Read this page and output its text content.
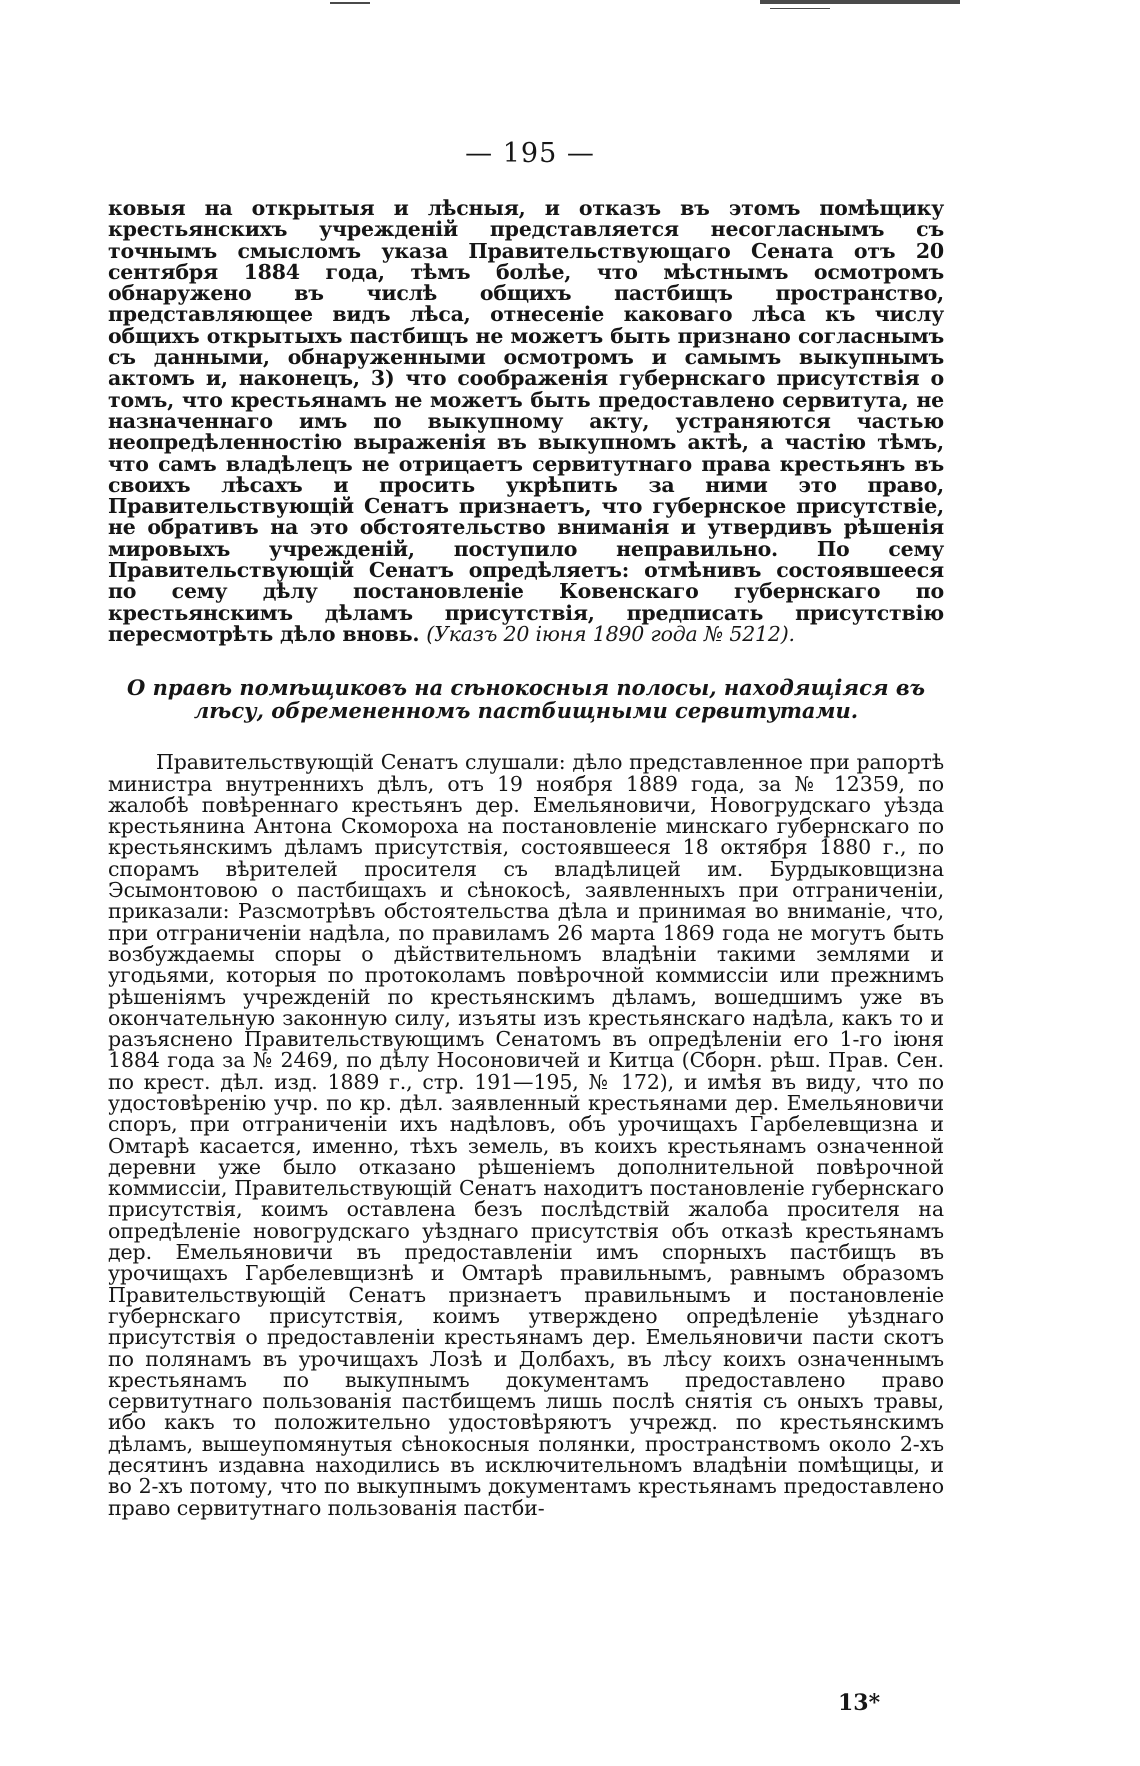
— 195 —

ковыя на открытыя и лѣсныя, и отказъ въ этомъ помѣщику крестьянскихъ учрежденій представляется несогласнымъ съ точнымъ смысломъ указа Правительствующаго Сената отъ 20 сентября 1884 года, тѣмъ болѣе, что мѣстнымъ осмотромъ обнаружено въ числѣ общихъ пастбищъ пространство, представляющее видъ лѣса, отнесеніе каковаго лѣса къ числу общихъ открытыхъ пастбищъ не можетъ быть признано согласнымъ съ данными, обнаруженными осмотромъ и самымъ выкупнымъ актомъ и, наконецъ, 3) что соображенія губернскаго присутствія о томъ, что крестьянамъ не можетъ быть предоставлено сервитута, не назначеннаго имъ по выкупному акту, устраняются частью неопредѣленностію выраженія въ выкупномъ актѣ, а частію тѣмъ, что самъ владѣлецъ не отрицаетъ сервитутнаго права крестьянъ въ своихъ лѣсахъ и просить укрѣпить за ними это право, Правительствующій Сенатъ признаетъ, что губернское присутствіе, не обративъ на это обстоятельство вниманія и утвердивъ рѣшенія мировыхъ учрежденій, поступило неправильно. По сему Правительствующій Сенатъ опредѣляетъ: отмѣнивъ состоявшееся по сему дѣлу постановленіе Ковенскаго губернскаго по крестьянскимъ дѣламъ присутствія, предписать присутствію пересмотрѣть дѣло вновь. (Указъ 20 іюня 1890 года № 5212).

О правѣ помѣщиковъ на сѣнокосныя полосы, находящіяся въ лѣсу, обремененномъ пастбищными сервитутами.

Правительствующій Сенатъ слушали: дѣло представленное при рапортѣ министра внутреннихъ дѣлъ, отъ 19 ноября 1889 года, за № 12359, по жалобѣ повѣреннаго крестьянъ дер. Емельяновичи, Новогрудскаго уѣзда крестьянина Антона Скомороха на постановленіе минскаго губернскаго по крестьянскимъ дѣламъ присутствія, состоявшееся 18 октября 1880 г., по спорамъ вѣрителей просителя съ владѣлицей им. Бурдыковщизна Эсымонтовою о пастбищахъ и сѣнокосѣ, заявленныхъ при отграниченіи, приказали: Разсмотрѣвъ обстоятельства дѣла и принимая во вниманіе, что, при отграниченіи надѣла, по правиламъ 26 марта 1869 года не могутъ быть возбуждаемы споры о дѣйствительномъ владѣніи такими землями и угодьями, которыя по протоколамъ повѣрочной коммиссіи или прежнимъ рѣшеніямъ учрежденій по крестьянскимъ дѣламъ, вошедшимъ уже въ окончательную законную силу, изъяты изъ крестьянскаго надѣла, какъ то и разъяснено Правительствующимъ Сенатомъ въ опредѣленіи его 1-го іюня 1884 года за № 2469, по дѣлу Носоновичей и Китца (Сборн. рѣш. Прав. Сен. по крест. дѣл. изд. 1889 г., стр. 191—195, № 172), и имѣя въ виду, что по удостовѣренію учр. по кр. дѣл. заявленный крестьянами дер. Емельяновичи споръ, при отграниченіи ихъ надѣловъ, объ урочищахъ Гарбелевщизна и Омтарѣ касается, именно, тѣхъ земель, въ коихъ крестьянамъ означенной деревни уже было отказано рѣшеніемъ дополнительной повѣрочной коммиссіи, Правительствующій Сенатъ находитъ постановленіе губернскаго присутствія, коимъ оставлена безъ послѣдствій жалоба просителя на опредѣленіе новогрудскаго уѣзднаго присутствія объ отказѣ крестьянамъ дер. Емельяновичи въ предоставленіи имъ спорныхъ пастбищъ въ урочищахъ Гарбелевщизнѣ и Омтарѣ правильнымъ, равнымъ образомъ Правительствующій Сенатъ признаетъ правильнымъ и постановленіе губернскаго присутствія, коимъ утверждено опредѣленіе уѣзднаго присутствія о предоставленіи крестьянамъ дер. Емельяновичи пасти скотъ по полянамъ въ урочищахъ Лозѣ и Долбахъ, въ лѣсу коихъ означеннымъ крестьянамъ по выкупнымъ документамъ предоставлено право сервитутнаго пользованія пастбищемъ лишь послѣ снятія съ оныхъ травы, ибо какъ то положительно удостовѣряютъ учрежд. по крестьянскимъ дѣламъ, вышеупомянутыя сѣнокосныя полянки, пространствомъ около 2-хъ десятинъ издавна находились въ исключительномъ владѣніи помѣщицы, и во 2-хъ потому, что по выкупнымъ документамъ крестьянамъ предоставлено право сервитутнаго пользованія пастби-

13*
